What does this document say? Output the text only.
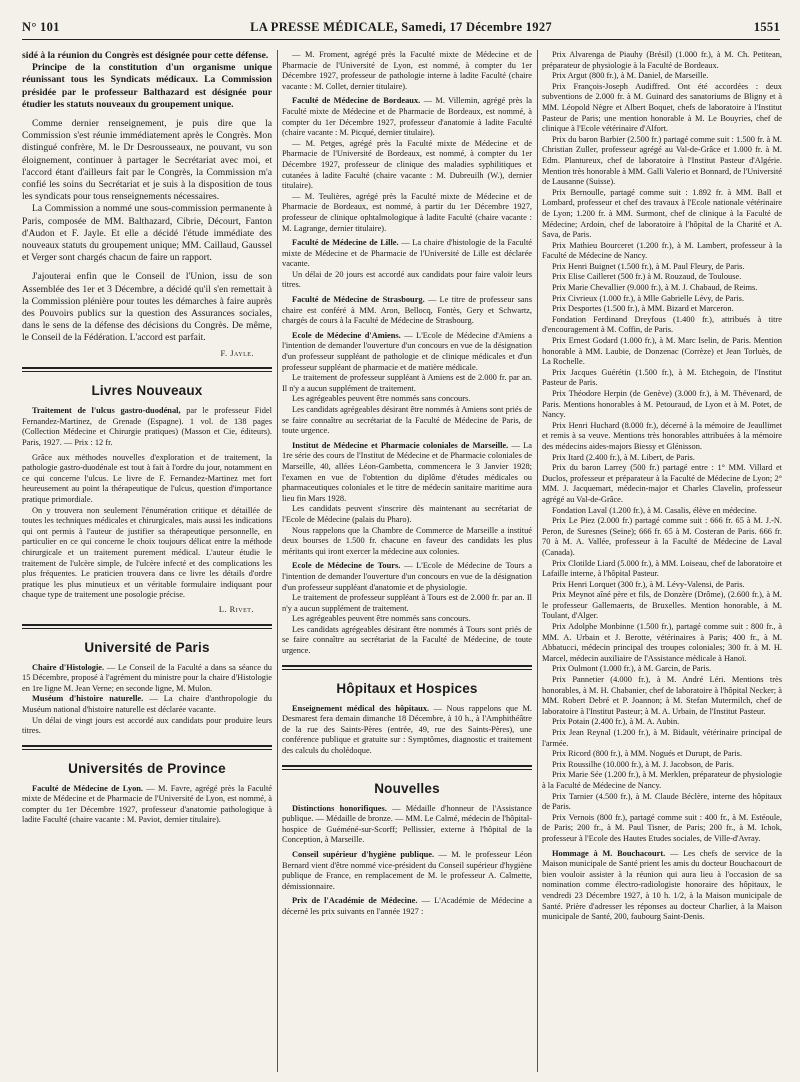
N° 101	LA PRESSE MÉDICALE, Samedi, 17 Décembre 1927	1551

sidé à la réunion du Congrès est désignée pour cette défense.

Principe de la constitution d'un organisme unique réunissant tous les Syndicats médicaux. La Commission présidée par le professeur Balthazard est désignée pour étudier les statuts nouveaux du groupement unique.

Comme dernier renseignement, je puis dire que la Commission s'est réunie immédiatement après le Congrès. Mon distingué confrère, M. le Dr Desrousseaux, ne pouvant, vu son éloignement, continuer à partager le Secrétariat avec moi, et l'accord étant d'ailleurs fait par le Congrès, la Commission m'a confié les soins du Secrétariat et je suis à la disposition de tous les syndicats pour tous renseignements nécessaires.

La Commission a nommé une sous-commission permanente à Paris, composée de MM. Balthazard, Cibrie, Décourt, Fanton d'Audon et F. Jayle. Et elle a décidé l'étude immédiate des nouveaux statuts du groupement unique; MM. Caillaud, Gaussel et Verger sont chargés chacun de faire un rapport.

J'ajouterai enfin que le Conseil de l'Union, issu de son Assemblée des 1er et 3 Décembre, a décidé qu'il s'en remettait à la Commission plénière pour toutes les démarches à faire auprès des Pouvoirs publics sur la question des Assurances sociales, dans le sens de la défense des décisions du Congrès. De même, le Conseil de la Fédération. L'accord est parfait.

F. Jayle.

Livres Nouveaux

Traitement de l'ulcus gastro-duodénal, par le professeur Fidel Fernandez-Martinez, de Grenade (Espagne). 1 vol. de 138 pages (Collection Médecine et Chirurgie pratiques) (Masson et Cie, éditeurs). Paris, 1927. — Prix : 12 fr.

Grâce aux méthodes nouvelles d'exploration et de traitement, la pathologie gastro-duodénale est tout à fait à l'ordre du jour, notamment en ce qui concerne l'ulcus. Le livre de F. Fernandez-Martinez met fort heureusement au point la thérapeutique de l'ulcus, question d'importance pratique primordiale.

On y trouvera non seulement l'énumération critique et détaillée de toutes les techniques médicales et chirurgicales, mais aussi les indications qui ont permis à l'auteur de justifier sa thérapeutique personnelle, en particulier en ce qui concerne le choix toujours délicat entre la méthode chirurgicale et un traitement purement médical. L'auteur étudie le traitement de l'ulcère simple, de l'ulcère infecté et des complications les plus fréquentes. Le praticien trouvera dans ce livre les détails d'ordre pratique les plus minutieux et un véritable formulaire indiquant pour chaque type de traitement une posologie précise.

L. Rivet.

Université de Paris

Chaire d'Histologie. — Le Conseil de la Faculté a dans sa séance du 15 Décembre, proposé à l'agrément du ministre pour la chaire d'Histologie en 1re ligne M. Jean Verne; en seconde ligne, M. Mulon.

Muséum d'histoire naturelle. — La chaire d'anthropologie du Muséum national d'histoire naturelle est déclarée vacante.

Un délai de vingt jours est accordé aux candidats pour produire leurs titres.

Universités de Province

Faculté de Médecine de Lyon. — M. Favre, agrégé près la Faculté mixte de Médecine et de Pharmacie de l'Université de Lyon, est nommé, à compter du 1er Décembre 1927, professeur d'anatomie pathologique à ladite Faculté (chaire vacante : M. Paviot, dernier titulaire).

— M. Froment, agrégé près la Faculté mixte de Médecine et de Pharmacie de l'Université de Lyon, est nommé, à compter du 1er Décembre 1927, professeur de pathologie interne à ladite Faculté (chaire vacante : M. Collet, dernier titulaire).

Faculté de Médecine de Bordeaux. — M. Villemin, agrégé près la Faculté mixte de Médecine et de Pharmacie de Bordeaux, est nommé, à compter du 1er Décembre 1927, professeur d'anatomie à ladite Faculté (chaire vacante : M. Picqué, dernier titulaire).

— M. Petges, agrégé près la Faculté mixte de Médecine et de Pharmacie de l'Université de Bordeaux, est nommé, à compter du 1er Décembre 1927, professeur de clinique des maladies syphilitiques et cutanées à ladite Faculté (chaire vacante : M. Dubreuilh (W.), dernier titulaire).

— M. Teulières, agrégé près la Faculté mixte de Médecine et de Pharmacie de Bordeaux, est nommé, à partir du 1er Décembre 1927, professeur de clinique ophtalmologique à ladite Faculté (chaire vacante : M. Lagrange, dernier titulaire).

Faculté de Médecine de Lille. — La chaire d'histologie de la Faculté mixte de Médecine et de Pharmacie de l'Université de Lille est déclarée vacante.

Un délai de 20 jours est accordé aux candidats pour faire valoir leurs titres.

Faculté de Médecine de Strasbourg. — Le titre de professeur sans chaire est conféré à MM. Aron, Bellocq, Fontès, Gery et Schwartz, chargés de cours à la Faculté de Médecine de Strasbourg.

Ecole de Médecine d'Amiens. — L'Ecole de Médecine d'Amiens a l'intention de demander l'ouverture d'un concours en vue de la désignation d'un professeur suppléant de pathologie et de clinique médicales et d'un professeur suppléant de pharmacie et de matière médicale.

Le traitement de professeur suppléant à Amiens est de 2.000 fr. par an. Il n'y a aucun supplément de traitement.

Les agrégeables peuvent être nommés sans concours.

Les candidats agrégeables désirant être nommés à Amiens sont priés de se faire connaître au secrétariat de la Faculté de Médecine de Paris, de toute urgence.

Institut de Médecine et Pharmacie coloniales de Marseille. — La 1re série des cours de l'Institut de Médecine et de Pharmacie coloniales de Marseille, 40, allées Léon-Gambetta, commencera le 3 Janvier 1928; l'examen en vue de l'obtention du diplôme d'études médicales ou pharmaceutiques coloniales et le titre de médecin sanitaire maritime aura lieu fin Mars 1928.

Les candidats peuvent s'inscrire dès maintenant au secrétariat de l'Ecole de Médecine (palais du Pharo).

Nous rappelons que la Chambre de Commerce de Marseille a institué deux bourses de 1.500 fr. chacune en faveur des candidats les plus méritants qui iront exercer la médecine aux colonies.

Ecole de Médecine de Tours. — L'Ecole de Médecine de Tours a l'intention de demander l'ouverture d'un concours en vue de la désignation d'un professeur suppléant d'anatomie et de physiologie.

Le traitement de professeur suppléant à Tours est de 2.000 fr. par an. Il n'y a aucun supplément de traitement.

Les agrégeables peuvent être nommés sans concours.

Les candidats agrégeables désirant être nommés à Tours sont priés de se faire connaître au secrétariat de la Faculté de Médecine, de toute urgence.

Hôpitaux et Hospices

Enseignement médical des hôpitaux. — Nous rappelons que M. Desmarest fera demain dimanche 18 Décembre, à 10 h., à l'Amphithéâtre de la rue des Saints-Pères (entrée, 49, rue des Saints-Pères), une conférence publique et gratuite sur : Symptômes, diagnostic et traitement des calculs du cholédoque.

Nouvelles

Distinctions honorifiques. — Médaille d'honneur de l'Assistance publique. — Médaille de bronze. — MM. Le Calmé, médecin de l'hôpital-hospice de Guéméné-sur-Scorff; Pellissier, externe à l'hôpital de la Conception, à Marseille.

Conseil supérieur d'hygiène publique. — M. le professeur Léon Bernard vient d'être nommé vice-président du Conseil supérieur d'hygiène publique de France, en remplacement de M. le professeur A. Calmette, démissionnaire.

Prix de l'Académie de Médecine. — L'Académie de Médecine a décerné les prix suivants en l'année 1927 :

Prix Alvarenga de Piauhy (Brésil) (1.000 fr.), à M. Ch. Petitean, préparateur de physiologie à la Faculté de Bordeaux.

Prix Argut (800 fr.), à M. Daniel, de Marseille.

Prix François-Joseph Audiffred. Ont été accordées : deux subventions de 2.000 fr. à M. Guinard des sanatoriums de Bligny et à MM. Léopold Nègre et Albert Boquet, chefs de laboratoire à l'Institut Pasteur de Paris; une mention honorable à M. Le Bouyries, chef de clinique à l'Ecole vétérinaire d'Alfort.

Prix du baron Barbier (2.500 fr.) partagé comme suit : 1.500 fr. à M. Christian Zuller, professeur agrégé au Val-de-Grâce et 1.000 fr. à M. Edm. Plantureux, chef de laboratoire à l'Institut Pasteur d'Algérie. Mention très honorable à MM. Galli Valerio et Bonnard, de l'Université de Lausanne (Suisse).

Prix Bernoulle, partagé comme suit : 1.892 fr. à MM. Ball et Lombard, professeur et chef des travaux à l'Ecole nationale vétérinaire de Lyon; 1.200 fr. à MM. Surmont, chef de clinique à la Faculté de Médecine; Ardoin, chef de laboratoire à l'hôpital de la Charité et A. Sava, de Paris.

Prix Mathieu Bourceret (1.200 fr.), à M. Lambert, professeur à la Faculté de Médecine de Nancy.

Prix Henri Buignet (1.500 fr.), à M. Paul Fleury, de Paris.

Prix Elise Cailleret (500 fr.) à M. Rouzaud, de Toulouse.

Prix Marie Chevallier (9.000 fr.), à M. J. Chabaud, de Reims.

Prix Civrieux (1.000 fr.), à Mlle Gabrielle Lévy, de Paris.

Prix Desportes (1.500 fr.), à MM. Bizard et Marceron.

Fondation Ferdinand Dreyfous (1.400 fr.), attribués à titre d'encouragement à M. Coffin, de Paris.

Prix Ernest Godard (1.000 fr.), à M. Marc Iselin, de Paris. Mention honorable à MM. Laubie, de Donzenac (Corrèze) et Jean Torluès, de La Rochelle.

Prix Jacques Guérétin (1.500 fr.), à M. Etchegoin, de l'Institut Pasteur de Paris.

Prix Théodore Herpin (de Genève) (3.000 fr.), à M. Thévenard, de Paris. Mentions honorables à M. Petouraud, de Lyon et à M. Potet, de Nancy.

Prix Henri Huchard (8.000 fr.), décerné à la mémoire de Jeaullimet et remis à sa veuve. Mentions très honorables attribuées à la mémoire des médecins aides-majors Biessy et Glénisson.

Prix Itard (2.400 fr.), à M. Libert, de Paris.

Prix du baron Larrey (500 fr.) partagé entre : 1° MM. Villard et Duclos, professeur et préparateur à la Faculté de Médecine de Lyon; 2° MM. J. Jacquemart, médecin-major et Charles Clavelin, professeur agrégé au Val-de-Grâce.

Fondation Laval (1.200 fr.), à M. Casalis, élève en médecine.

Prix Le Piez (2.000 fr.) partagé comme suit : 666 fr. 65 à M. J.-N. Peron, de Suresnes (Seine); 666 fr. 65 à M. Costeran de Paris. 666 fr. 70 à M. A. Vallée, professeur à la Faculté de Médecine de Laval (Canada).

Prix Clotilde Liard (5.000 fr.), à MM. Loiseau, chef de laboratoire et Lafaille interne, à l'hôpital Pasteur.

Prix Henri Lorquet (300 fr.), à M. Lévy-Valensi, de Paris.

Prix Meynot aîné père et fils, de Donzère (Drôme), (2.600 fr.), à M. le professeur Gallemaerts, de Bruxelles. Mention honorable, à M. Toulant, d'Alger.

Prix Adolphe Monbinne (1.500 fr.), partagé comme suit : 800 fr., à MM. A. Urbain et J. Berotte, vétérinaires à Paris; 400 fr., à M. Abbatucci, médecin principal des troupes coloniales; 300 fr. à M. H. Marcel, médecin auxiliaire de l'Assistance médicale à Hanoï.

Prix Oulmont (1.000 fr.), à M. Garcin, de Paris.

Prix Pannetier (4.000 fr.), à M. André Léri. Mentions très honorables, à M. H. Chabanier, chef de laboratoire à l'hôpital Necker; à MM. Robert Debré et P. Joannon; à M. Stefan Mutermilch, chef de laboratoire à l'Institut Pasteur; à M. A. Urbain, de l'Institut Pasteur.

Prix Potain (2.400 fr.), à M. A. Aubin.

Prix Jean Reynal (1.200 fr.), à M. Bidault, vétérinaire principal de l'armée.

Prix Ricord (800 fr.), à MM. Nogués et Durupt, de Paris.

Prix Roussilhe (10.000 fr.), à M. J. Jacobson, de Paris.

Prix Marie Sée (1.200 fr.), à M. Merklen, préparateur de physiologie à la Faculté de Médecine de Nancy.

Prix Tarnier (4.500 fr.), à M. Claude Béclère, interne des hôpitaux de Paris.

Prix Vernois (800 fr.), partagé comme suit : 400 fr., à M. Estéoule, de Paris; 200 fr., à M. Paul Tisner, de Paris; 200 fr., à M. Ichok, professeur à l'Ecole des Hautes Etudes sociales, de Ville-d'Avray.

Hommage à M. Bouchacourt. — Les chefs de service de la Maison municipale de Santé prient les amis du docteur Bouchacourt de bien vouloir assister à la réunion qui aura lieu à l'occasion de sa nomination comme électro-radiologiste honoraire des hôpitaux, le vendredi 23 Décembre 1927, à 10 h. 1/2, à la Maison municipale de Santé. Prière d'adresser les réponses au docteur Charlier, à la Maison municipale de Santé, 200, faubourg Saint-Denis.
